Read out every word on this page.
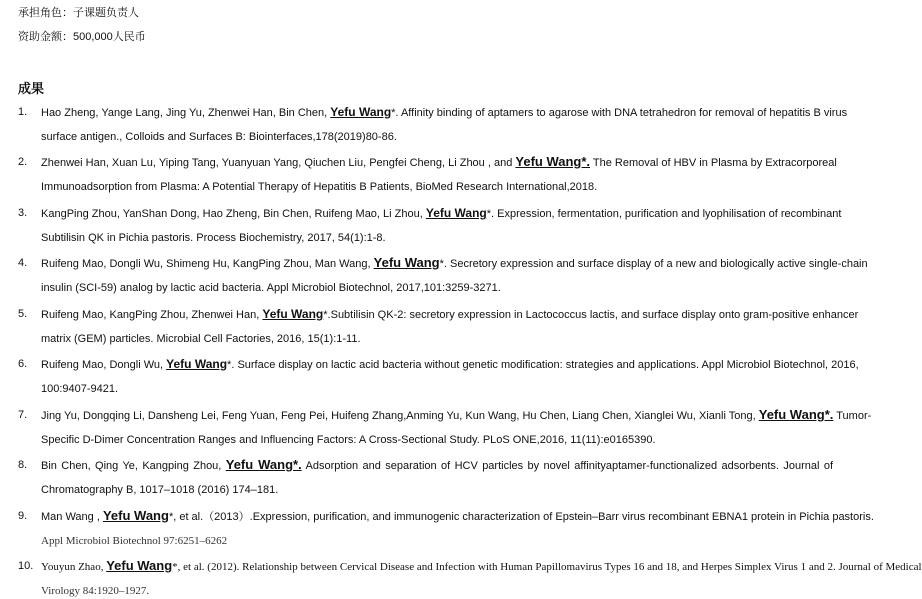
承担角色：子课题负责人
资助金额：500,000人民币
成果
1. Hao Zheng, Yange Lang, Jing Yu, Zhenwei Han, Bin Chen, Yefu Wang*. Affinity binding of aptamers to agarose with DNA tetrahedron for removal of hepatitis B virus
surface antigen., Colloids and Surfaces B: Biointerfaces,178(2019)80-86.
2. Zhenwei Han, Xuan Lu, Yiping Tang, Yuanyuan Yang, Qiuchen Liu, Pengfei Cheng, Li Zhou , and Yefu Wang*. The Removal of HBV in Plasma by Extracorporeal
Immunoadsorption from Plasma: A Potential Therapy of Hepatitis B Patients, BioMed Research International,2018.
3. KangPing Zhou, YanShan Dong, Hao Zheng, Bin Chen, Ruifeng Mao, Li Zhou, Yefu Wang*. Expression, fermentation, purification and lyophilisation of recombinant
Subtilisin QK in Pichia pastoris. Process Biochemistry, 2017, 54(1):1-8.
4. Ruifeng Mao, Dongli Wu, Shimeng Hu, KangPing Zhou, Man Wang, Yefu Wang*. Secretory expression and surface display of a new and biologically active single-chain
insulin (SCI-59) analog by lactic acid bacteria. Appl Microbiol Biotechnol, 2017,101:3259-3271.
5. Ruifeng Mao, KangPing Zhou, Zhenwei Han, Yefu Wang*.Subtilisin QK-2: secretory expression in Lactococcus lactis, and surface display onto gram-positive enhancer
matrix (GEM) particles. Microbial Cell Factories, 2016, 15(1):1-11.
6. Ruifeng Mao, Dongli Wu, Yefu Wang*. Surface display on lactic acid bacteria without genetic modification: strategies and applications. Appl Microbiol Biotechnol, 2016,
100:9407-9421.
7. Jing Yu, Dongqing Li, Dansheng Lei, Feng Yuan, Feng Pei, Huifeng Zhang,Anming Yu, Kun Wang, Hu Chen, Liang Chen, Xianglei Wu, Xianli Tong, Yefu Wang*. Tumor-
Specific D-Dimer Concentration Ranges and Influencing Factors: A Cross-Sectional Study. PLoS ONE,2016, 11(11):e0165390.
8. Bin Chen, Qing Ye, Kangping Zhou, Yefu Wang*. Adsorption and separation of HCV particles by novel affinityaptamer-functionalized adsorbents. Journal of
Chromatography B, 1017–1018 (2016) 174–181.
9. Man Wang , Yefu Wang*, et al.（2013）.Expression, purification, and immunogenic characterization of Epstein–Barr virus recombinant EBNA1 protein in Pichia pastoris.
Appl Microbiol Biotechnol 97:6251–6262
10. Youyun Zhao, Yefu Wang*, et al. (2012). Relationship between Cervical Disease and Infection with Human Papillomavirus Types 16 and 18, and Herpes Simplex Virus 1 and 2. Journal of Medical
Virology 84:1920–1927.
